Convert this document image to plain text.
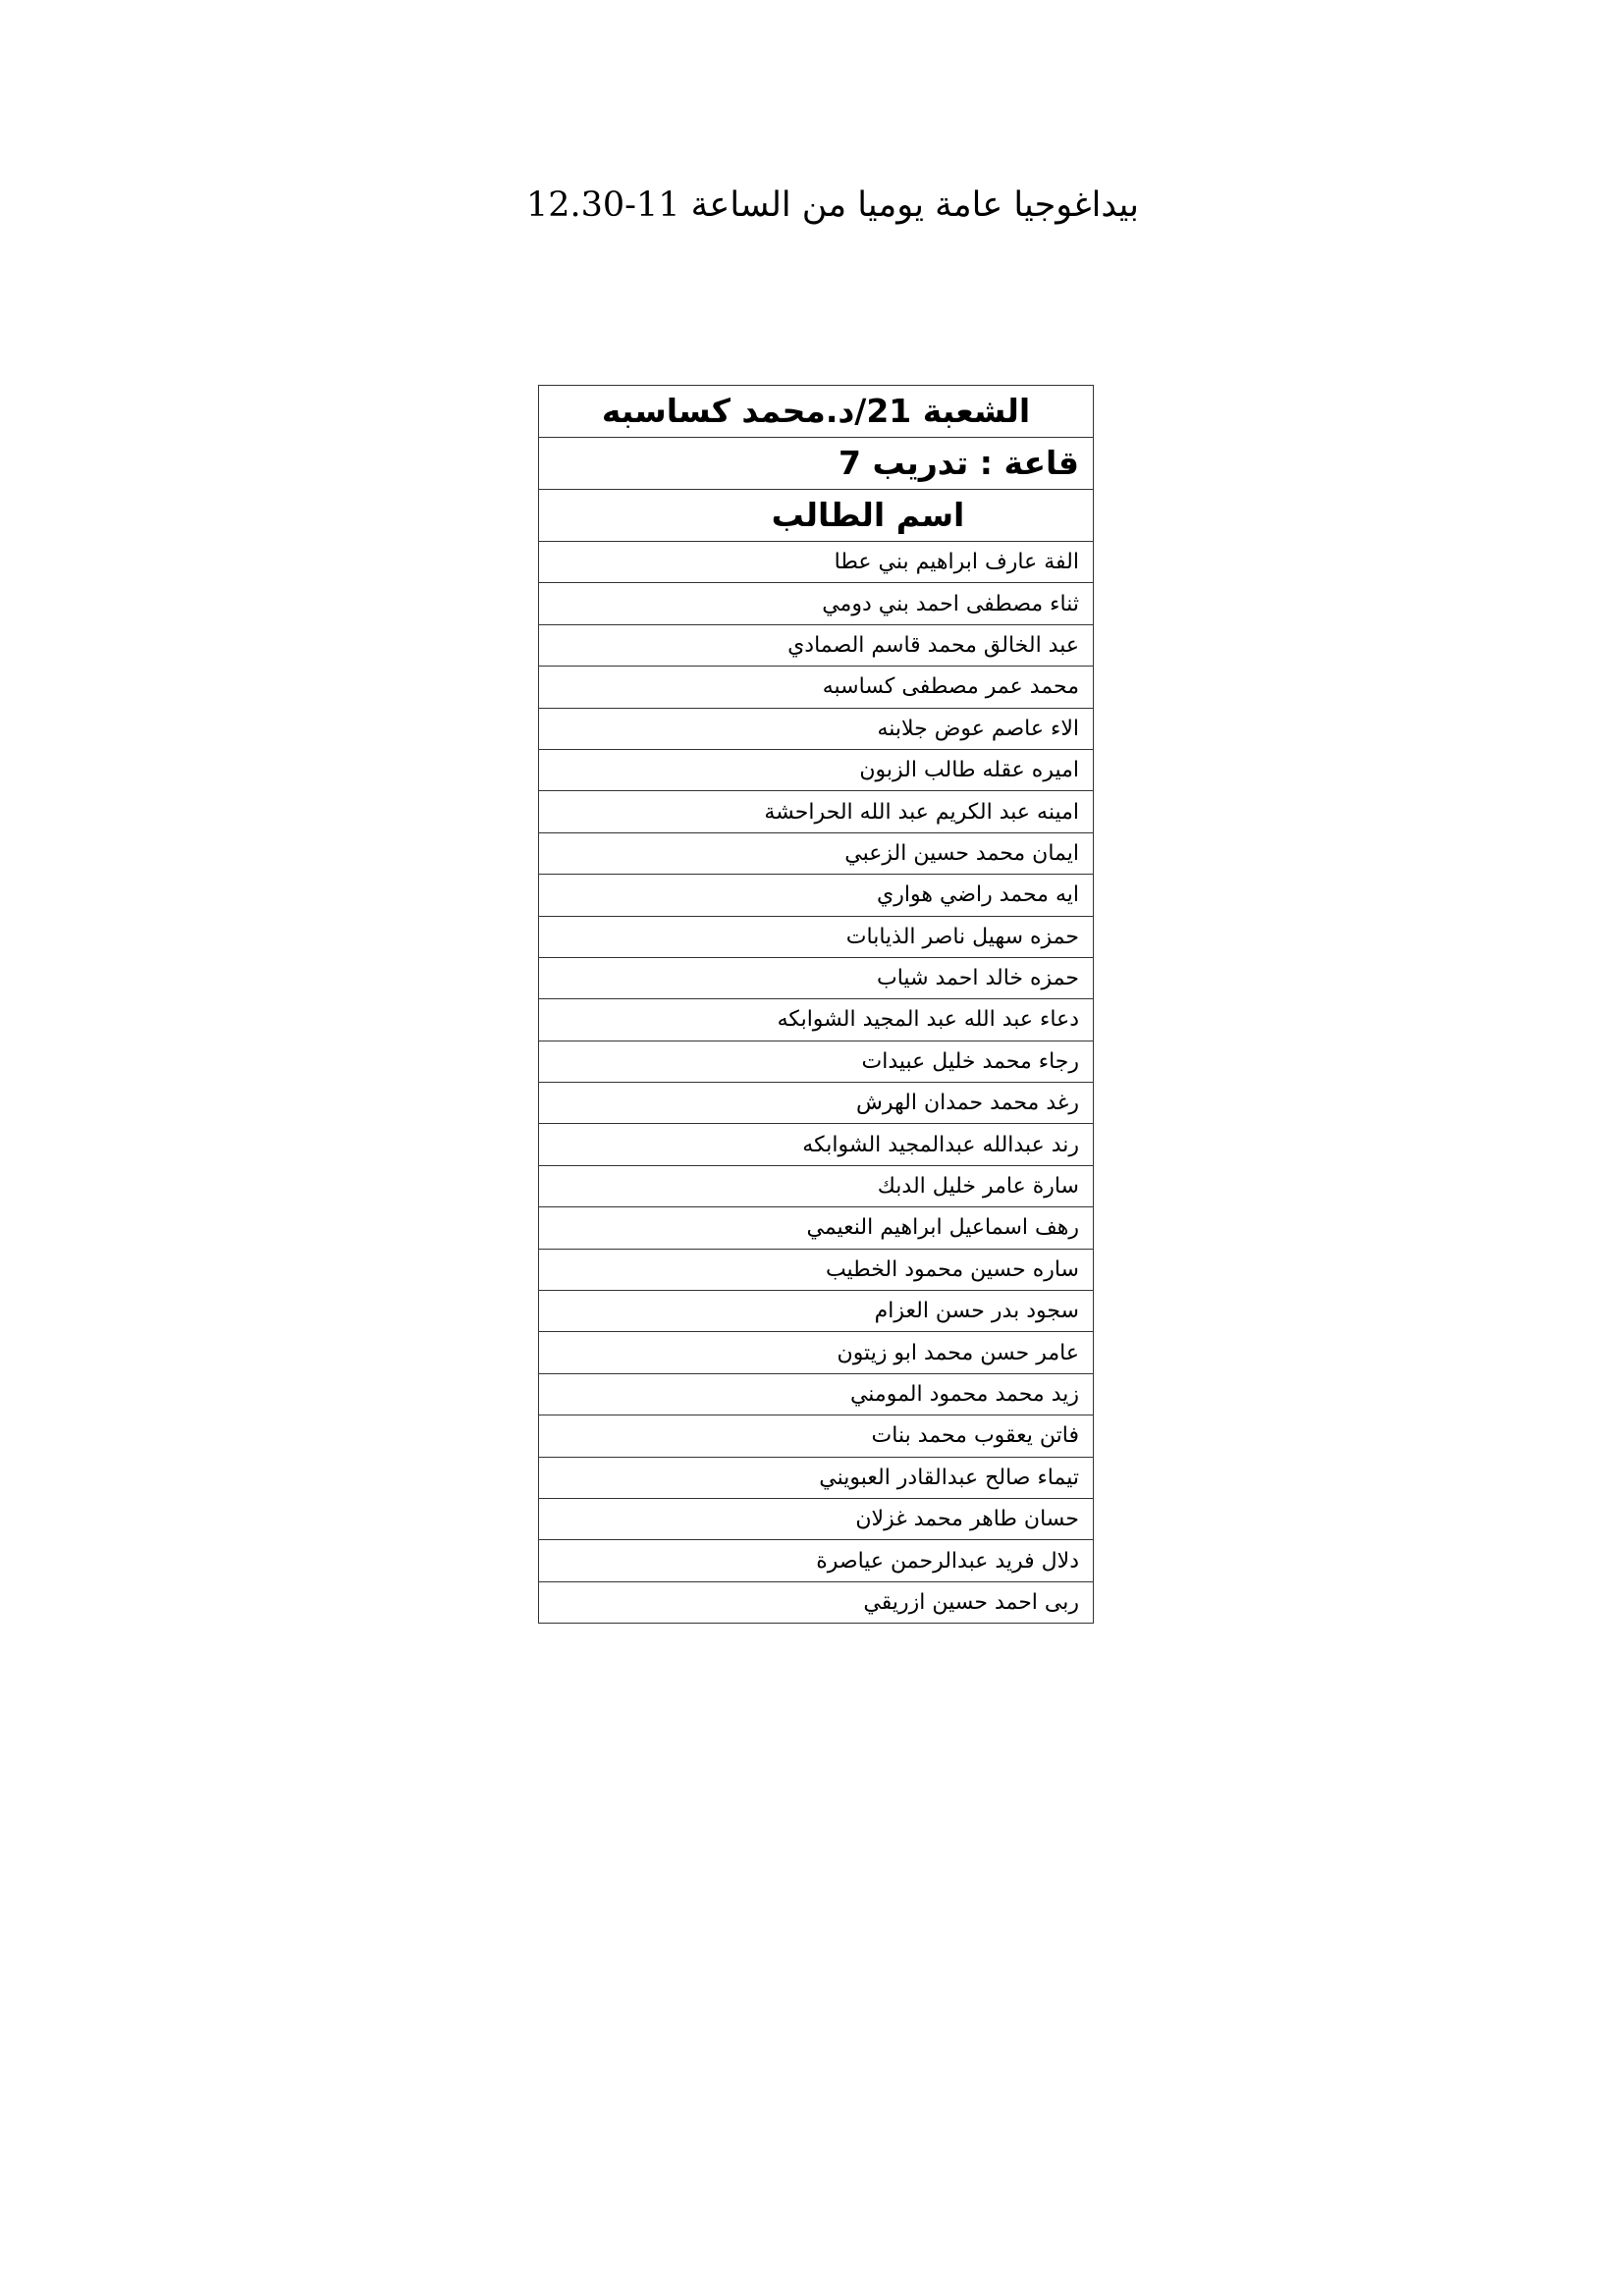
بيداغوجيا عامة يوميا من الساعة 11-12.30
الشعبة 21/د.محمد كساسبه
قاعة : تدريب 7
اسم الطالب
الفة عارف ابراهيم بني عطا
ثناء مصطفى احمد بني دومي
عبد الخالق محمد قاسم الصمادي
محمد عمر مصطفى كساسبه
الاء عاصم عوض جلابنه
اميره عقله طالب الزبون
امينه عبد الكريم عبد الله الحراحشة
ايمان محمد حسين الزعبي
ايه محمد راضي هواري
حمزه سهيل ناصر الذيابات
حمزه خالد احمد شياب
دعاء عبد الله عبد المجيد الشوابكه
رجاء محمد خليل عبيدات
رغد محمد حمدان الهرش
رند عبدالله عبدالمجيد الشوابكه
سارة عامر خليل الدبك
رهف اسماعيل ابراهيم النعيمي
ساره حسين محمود الخطيب
سجود بدر حسن العزام
عامر حسن محمد ابو زيتون
زيد محمد محمود المومني
فاتن يعقوب محمد بنات
تيماء صالح عبدالقادر العبويني
حسان طاهر محمد غزلان
دلال فريد عبدالرحمن عياصرة
ربى احمد حسين ازريقي
